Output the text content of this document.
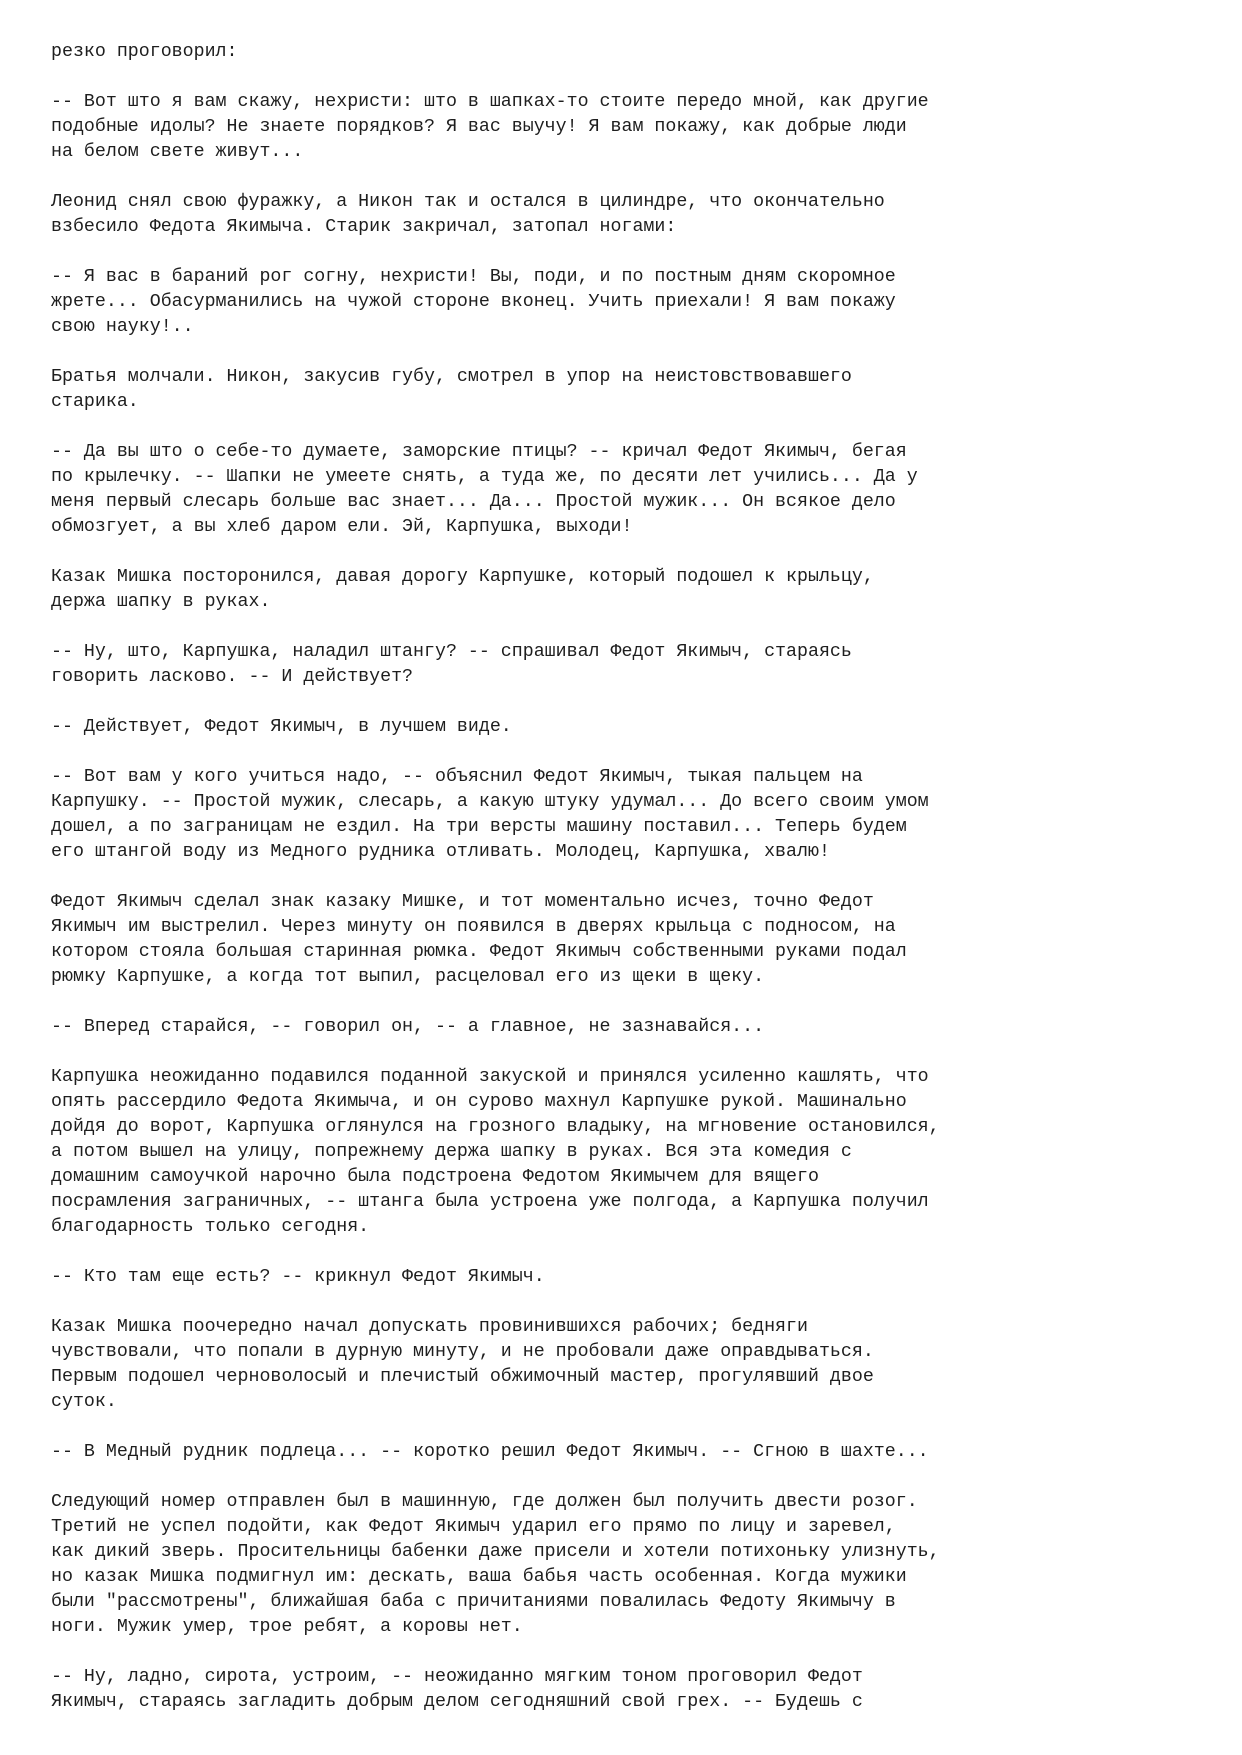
резко проговорил:

-- Вот што я вам скажу, нехристи: што в шапках-то стоите передо мной, как другие
подобные идолы? Не знаете порядков? Я вас выучу! Я вам покажу, как добрые люди
на белом свете живут...

Леонид снял свою фуражку, а Никон так и остался в цилиндре, что окончательно
взбесило Федота Якимыча. Старик закричал, затопал ногами:

-- Я вас в бараний рог согну, нехристи! Вы, поди, и по постным дням скоромное
жрете... Обасурманились на чужой стороне вконец. Учить приехали! Я вам покажу
свою науку!..

Братья молчали. Никон, закусив губу, смотрел в упор на неистовствовавшего
старика.

-- Да вы што о себе-то думаете, заморские птицы? -- кричал Федот Якимыч, бегая
по крылечку. -- Шапки не умеете снять, а туда же, по десяти лет учились... Да у
меня первый слесарь больше вас знает... Да... Простой мужик... Он всякое дело
обмозгует, а вы хлеб даром ели. Эй, Карпушка, выходи!

Казак Мишка посторонился, давая дорогу Карпушке, который подошел к крыльцу,
держа шапку в руках.

-- Ну, што, Карпушка, наладил штангу? -- спрашивал Федот Якимыч, стараясь
говорить ласково. -- И действует?

-- Действует, Федот Якимыч, в лучшем виде.

-- Вот вам у кого учиться надо, -- объяснил Федот Якимыч, тыкая пальцем на
Карпушку. -- Простой мужик, слесарь, а какую штуку удумал... До всего своим умом
дошел, а по заграницам не ездил. На три версты машину поставил... Теперь будем
его штангой воду из Медного рудника отливать. Молодец, Карпушка, хвалю!

Федот Якимыч сделал знак казаку Мишке, и тот моментально исчез, точно Федот
Якимыч им выстрелил. Через минуту он появился в дверях крыльца с подносом, на
котором стояла большая старинная рюмка. Федот Якимыч собственными руками подал
рюмку Карпушке, а когда тот выпил, расцеловал его из щеки в щеку.

-- Вперед старайся, -- говорил он, -- а главное, не зазнавайся...

Карпушка неожиданно подавился поданной закуской и принялся усиленно кашлять, что
опять рассердило Федота Якимыча, и он сурово махнул Карпушке рукой. Машинально
дойдя до ворот, Карпушка оглянулся на грозного владыку, на мгновение остановился,
а потом вышел на улицу, попрежнему держа шапку в руках. Вся эта комедия с
домашним самоучкой нарочно была подстроена Федотом Якимычем для вящего
посрамления заграничных, -- штанга была устроена уже полгода, а Карпушка получил
благодарность только сегодня.

-- Кто там еще есть? -- крикнул Федот Якимыч.

Казак Мишка поочередно начал допускать провинившихся рабочих; бедняги
чувствовали, что попали в дурную минуту, и не пробовали даже оправдываться.
Первым подошел черноволосый и плечистый обжимочный мастер, прогулявший двое
суток.

-- В Медный рудник подлеца... -- коротко решил Федот Якимыч. -- Сгною в шахте...

Следующий номер отправлен был в машинную, где должен был получить двести розог.
Третий не успел подойти, как Федот Якимыч ударил его прямо по лицу и заревел,
как дикий зверь. Просительницы бабенки даже присели и хотели потихоньку улизнуть,
но казак Мишка подмигнул им: дескать, ваша бабья часть особенная. Когда мужики
были "рассмотрены", ближайшая баба с причитаниями повалилась Федоту Якимычу в
ноги. Мужик умер, трое ребят, а коровы нет.

-- Ну, ладно, сирота, устроим, -- неожиданно мягким тоном проговорил Федот
Якимыч, стараясь загладить добрым делом сегодняшний свой грех. -- Будешь с
